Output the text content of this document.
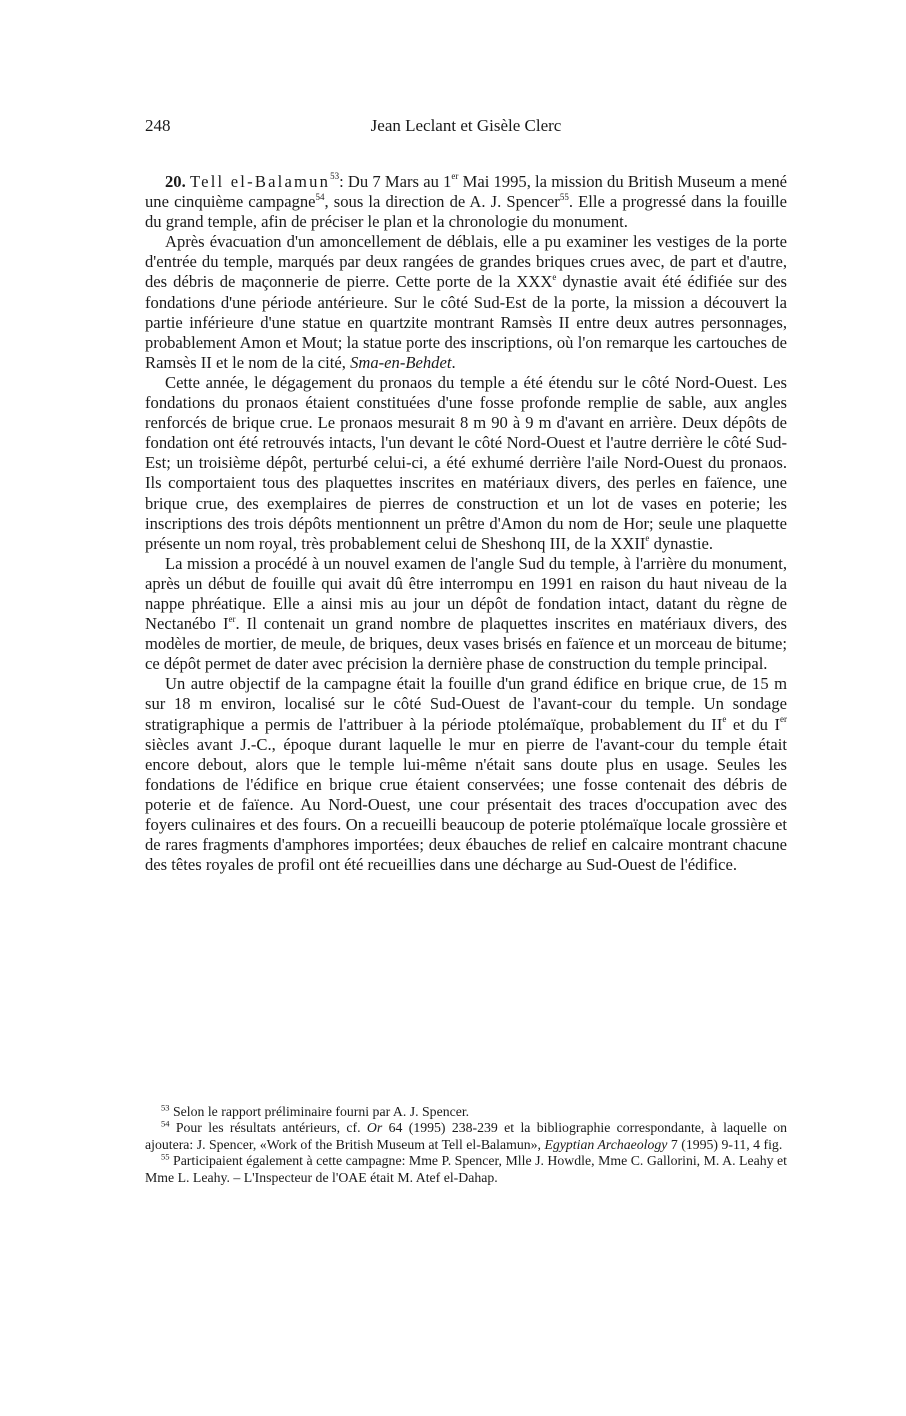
248	Jean Leclant et Gisèle Clerc

20. Tell el-Balamun$^{53}$: Du 7 Mars au 1er Mai 1995, la mission du British Museum a mené une cinquième campagne$^{54}$, sous la direction de A. J. Spencer$^{55}$. Elle a progressé dans la fouille du grand temple, afin de préciser le plan et la chronologie du monument.

Après évacuation d'un amoncellement de déblais, elle a pu examiner les vestiges de la porte d'entrée du temple, marqués par deux rangées de grandes briques crues avec, de part et d'autre, des débris de maçonnerie de pierre. Cette porte de la XXXe dynastie avait été édifiée sur des fondations d'une période antérieure. Sur le côté Sud-Est de la porte, la mission a découvert la partie inférieure d'une statue en quartzite montrant Ramsès II entre deux autres personnages, probablement Amon et Mout; la statue porte des inscriptions, où l'on remarque les cartouches de Ramsès II et le nom de la cité, Sma-en-Behdet.

Cette année, le dégagement du pronaos du temple a été étendu sur le côté Nord-Ouest. Les fondations du pronaos étaient constituées d'une fosse profonde remplie de sable, aux angles renforcés de brique crue. Le pronaos mesurait 8 m 90 à 9 m d'avant en arrière. Deux dépôts de fondation ont été retrouvés intacts, l'un devant le côté Nord-Ouest et l'autre derrière le côté Sud-Est; un troisième dépôt, perturbé celui-ci, a été exhumé derrière l'aile Nord-Ouest du pronaos. Ils comportaient tous des plaquettes inscrites en matériaux divers, des perles en faïence, une brique crue, des exemplaires de pierres de construction et un lot de vases en poterie; les inscriptions des trois dépôts mentionnent un prêtre d'Amon du nom de Hor; seule une plaquette présente un nom royal, très probablement celui de Sheshonq III, de la XXIIe dynastie.

La mission a procédé à un nouvel examen de l'angle Sud du temple, à l'arrière du monument, après un début de fouille qui avait dû être interrompu en 1991 en raison du haut niveau de la nappe phréatique. Elle a ainsi mis au jour un dépôt de fondation intact, datant du règne de Nectanébo Ier. Il contenait un grand nombre de plaquettes inscrites en matériaux divers, des modèles de mortier, de meule, de briques, deux vases brisés en faïence et un morceau de bitume; ce dépôt permet de dater avec précision la dernière phase de construction du temple principal.

Un autre objectif de la campagne était la fouille d'un grand édifice en brique crue, de 15 m sur 18 m environ, localisé sur le côté Sud-Ouest de l'avant-cour du temple. Un sondage stratigraphique a permis de l'attribuer à la période ptolémaïque, probablement du IIe et du Ier siècles avant J.-C., époque durant laquelle le mur en pierre de l'avant-cour du temple était encore debout, alors que le temple lui-même n'était sans doute plus en usage. Seules les fondations de l'édifice en brique crue étaient conservées; une fosse contenait des débris de poterie et de faïence. Au Nord-Ouest, une cour présentait des traces d'occupation avec des foyers culinaires et des fours. On a recueilli beaucoup de poterie ptolémaïque locale grossière et de rares fragments d'amphores importées; deux ébauches de relief en calcaire montrant chacune des têtes royales de profil ont été recueillies dans une décharge au Sud-Ouest de l'édifice.

$^{53}$ Selon le rapport préliminaire fourni par A. J. Spencer.

$^{54}$ Pour les résultats antérieurs, cf. Or 64 (1995) 238-239 et la bibliographie correspondante, à laquelle on ajoutera: J. Spencer, «Work of the British Museum at Tell el-Balamun», Egyptian Archaeology 7 (1995) 9-11, 4 fig.

$^{55}$ Participaient également à cette campagne: Mme P. Spencer, Mlle J. Howdle, Mme C. Gallorini, M. A. Leahy et Mme L. Leahy. – L'Inspecteur de l'OAE était M. Atef el-Dahap.
